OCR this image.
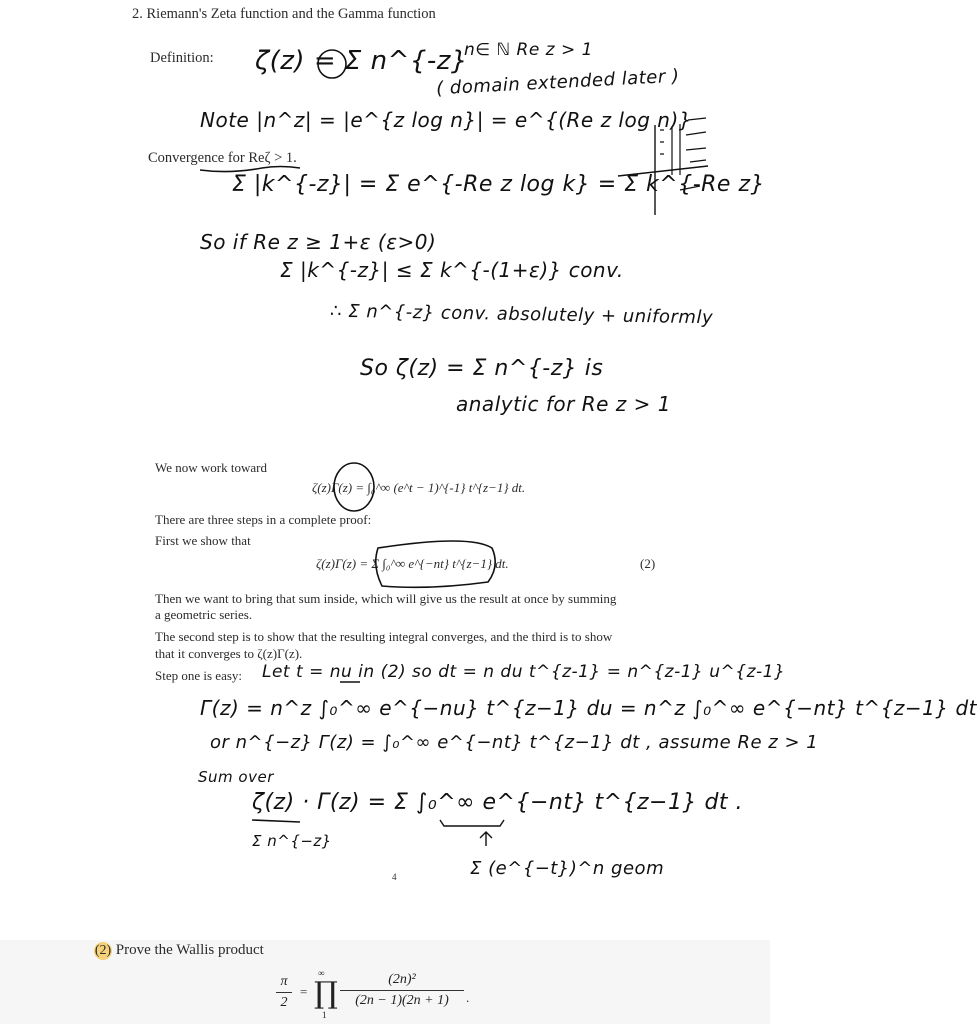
2. Riemann's Zeta function and the Gamma function
Definition: ζ(z) = Σ n^{-z}
n∈ ℕ Re z > 1
( domain extended later )
Note |n^z| = |e^{z log n}| = e^{(Re z log n)}
Convergence for Reζ > 1.
Σ |k^{-z}| = Σ e^{-Re z log k} = Σ k^{-Re z}
So if Re z ≥ 1+ε (ε>0)
Σ |k^{-z}| ≤ Σ k^{-(1+ε)} conv.
∴ Σ n^{-z} conv. absolutely + uniformly
So ζ(z) = Σ n^{-z} is
analytic for Re z > 1
We now work toward
ζ(z)Γ(z) = ∫₀^∞ (e^t − 1)^{-1} t^{z−1} dt.
There are three steps in a complete proof:
First we show that
ζ(z)Γ(z) = Σ ∫₀^∞ e^{−nt} t^{z−1} dt.	(2)
Then we want to bring that sum inside, which will give us the result at once by summing
a geometric series.
The second step is to show that the resulting integral converges, and the third is to show
that it converges to ζ(z)Γ(z).
Step one is easy: Let t = nu in (2) so dt = n du t^{z-1} = n^{z-1} u^{z-1}
Γ(z) = n^z ∫₀^∞ e^{−nu} t^{z−1} du = n^z ∫₀^∞ e^{−nt} t^{z−1} dt
or n^{−z} Γ(z) = ∫₀^∞ e^{−nt} t^{z−1} dt , assume Re z > 1
Sum over
ζ(z) · Γ(z) = Σ ∫₀^∞ e^{−nt} t^{z−1} dt .
Σ n^{−z}
Σ (e^{−t})^n geom
4
(2) Prove the Wallis product
π
2
=
∞
∏
1
(2n)²
(2n − 1)(2n + 1)	.
